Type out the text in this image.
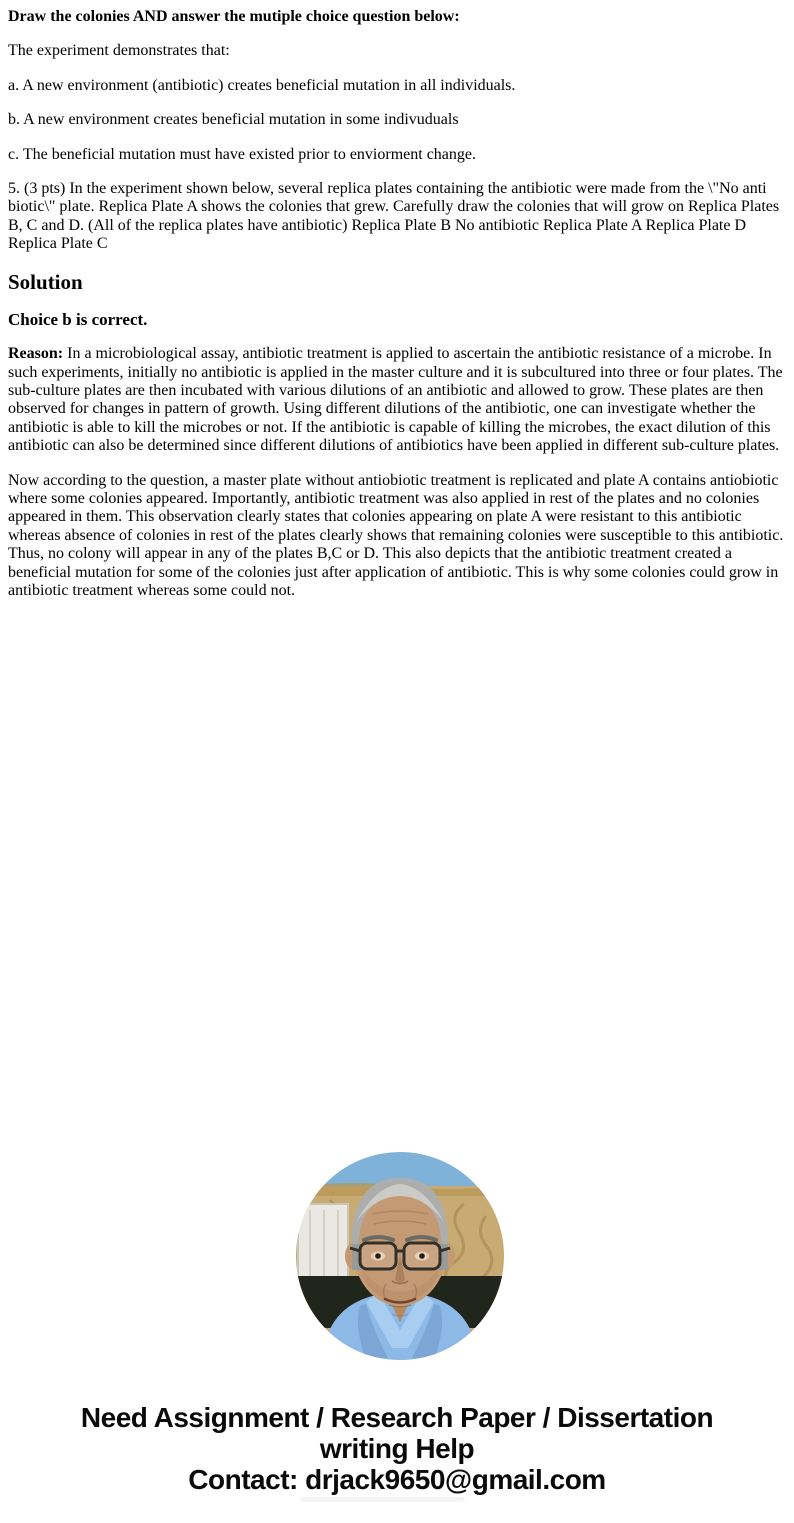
Draw the colonies AND answer the mutiple choice question below:

The experiment demonstrates that:

a. A new environment (antibiotic) creates beneficial mutation in all individuals.

b. A new environment creates beneficial mutation in some indivuduals

c. The beneficial mutation must have existed prior to enviorment change.

5. (3 pts) In the experiment shown below, several replica plates containing the antibiotic were made from the \"No anti biotic\" plate. Replica Plate A shows the colonies that grew. Carefully draw the colonies that will grow on Replica Plates B, C and D. (All of the replica plates have antibiotic) Replica Plate B No antibiotic Replica Plate A Replica Plate D Replica Plate C

Solution
Choice b is correct.

Reason: In a microbiological assay, antibiotic treatment is applied to ascertain the antibiotic resistance of a microbe. In such experiments, initially no antibiotic is applied in the master culture and it is subcultured into three or four plates. The sub-culture plates are then incubated with various dilutions of an antibiotic and allowed to grow. These plates are then observed for changes in pattern of growth. Using different dilutions of the antibiotic, one can investigate whether the antibiotic is able to kill the microbes or not. If the antibiotic is capable of killing the microbes, the exact dilution of this antibiotic can also be determined since different dilutions of antibiotics have been applied in different sub-culture plates.

Now according to the question, a master plate without antiobiotic treatment is replicated and plate A contains antiobiotic where some colonies appeared. Importantly, antibiotic treatment was also applied in rest of the plates and no colonies appeared in them. This observation clearly states that colonies appearing on plate A were resistant to this antibiotic whereas absence of colonies in rest of the plates clearly shows that remaining colonies were susceptible to this antibiotic. Thus, no colony will appear in any of the plates B,C or D. This also depicts that the antibiotic treatment created a beneficial mutation for some of the colonies just after application of antibiotic. This is why some colonies could grow in antibiotic treatment whereas some could not.

Need Assignment / Research Paper / Dissertation
writing Help
Contact: drjack9650@gmail.com
